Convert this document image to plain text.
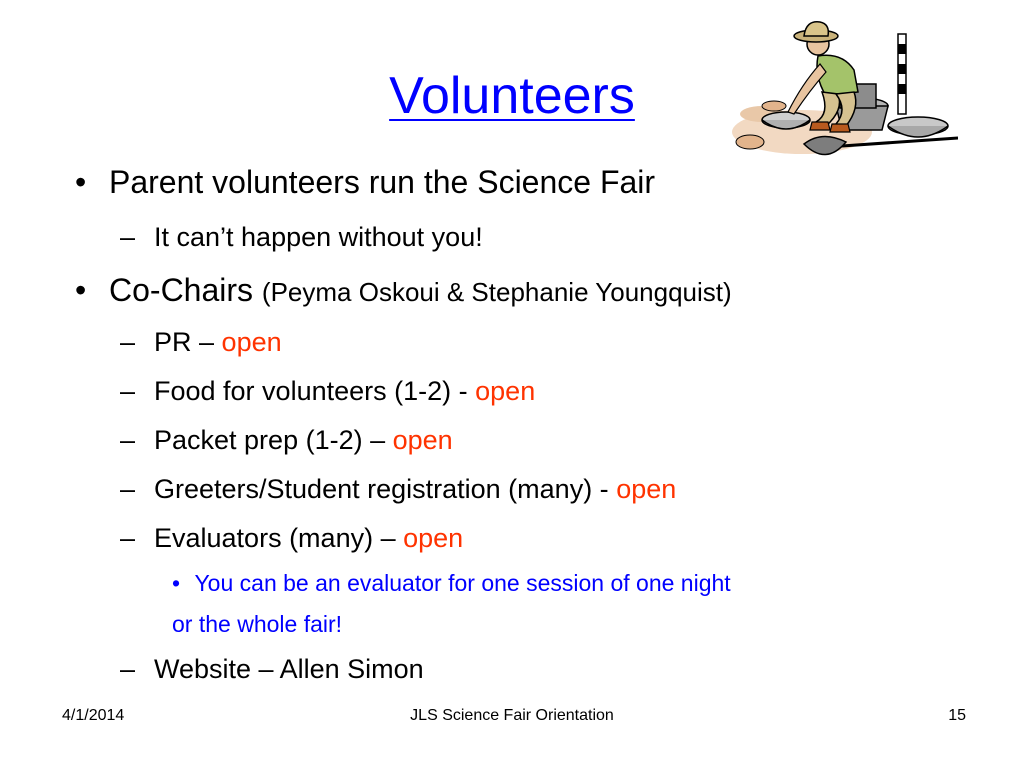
Volunteers
• Parent volunteers run the Science Fair
– It can’t happen without you!
• Co-Chairs (Peyma Oskoui & Stephanie Youngquist)
– PR – open
– Food for volunteers (1-2) - open
– Packet prep (1-2) – open
– Greeters/Student registration (many) - open
– Evaluators (many) – open
• You can be an evaluator for one session of one night
or the whole fair!
– Website – Allen Simon
4/1/2014	JLS Science Fair Orientation	15
